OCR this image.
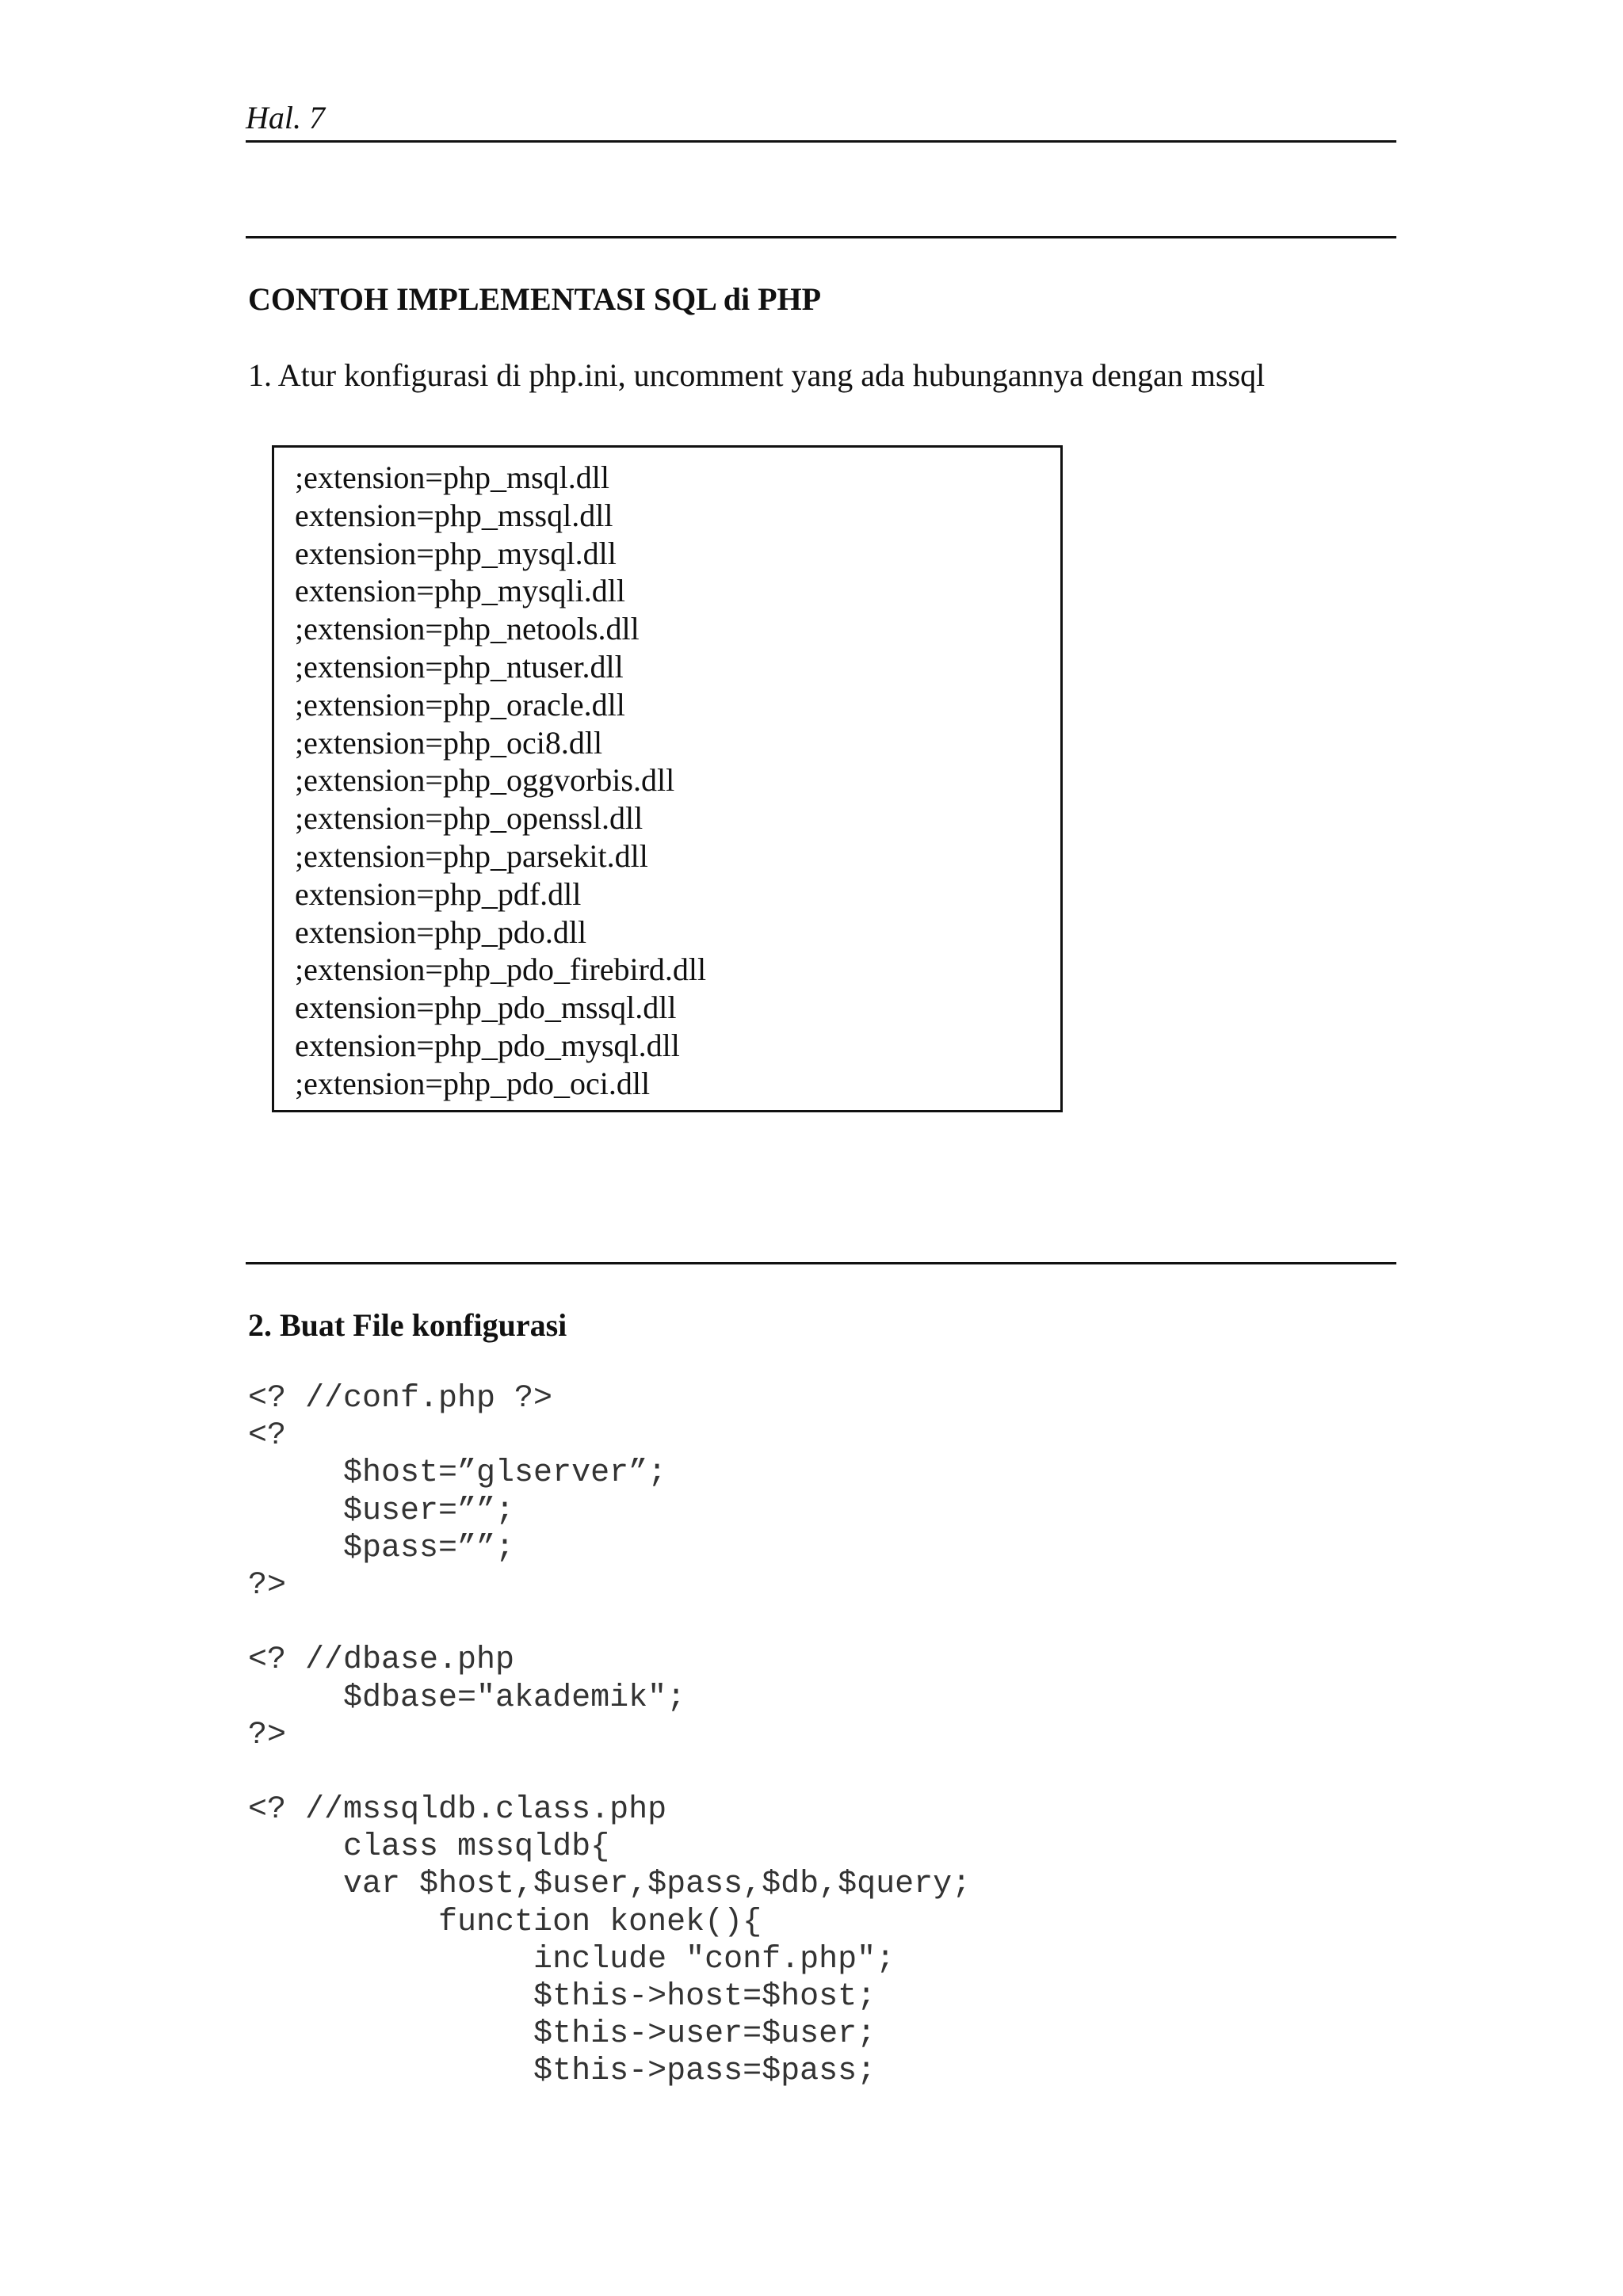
Hal. 7
CONTOH IMPLEMENTASI SQL di PHP
1. Atur konfigurasi di php.ini, uncomment yang ada hubungannya dengan mssql
;extension=php_msql.dll
extension=php_mssql.dll
extension=php_mysql.dll
extension=php_mysqli.dll
;extension=php_netools.dll
;extension=php_ntuser.dll
;extension=php_oracle.dll
;extension=php_oci8.dll
;extension=php_oggvorbis.dll
;extension=php_openssl.dll
;extension=php_parsekit.dll
extension=php_pdf.dll
extension=php_pdo.dll
;extension=php_pdo_firebird.dll
extension=php_pdo_mssql.dll
extension=php_pdo_mysql.dll
;extension=php_pdo_oci.dll
2. Buat File konfigurasi
<? //conf.php ?>
<?
$host=”glserver”;
$user=””;
$pass=””;
?>
<? //dbase.php
$dbase="akademik";
?>
<? //mssqldb.class.php
class mssqldb{
var $host,$user,$pass,$db,$query;
function konek(){
include "conf.php";
$this->host=$host;
$this->user=$user;
$this->pass=$pass;
